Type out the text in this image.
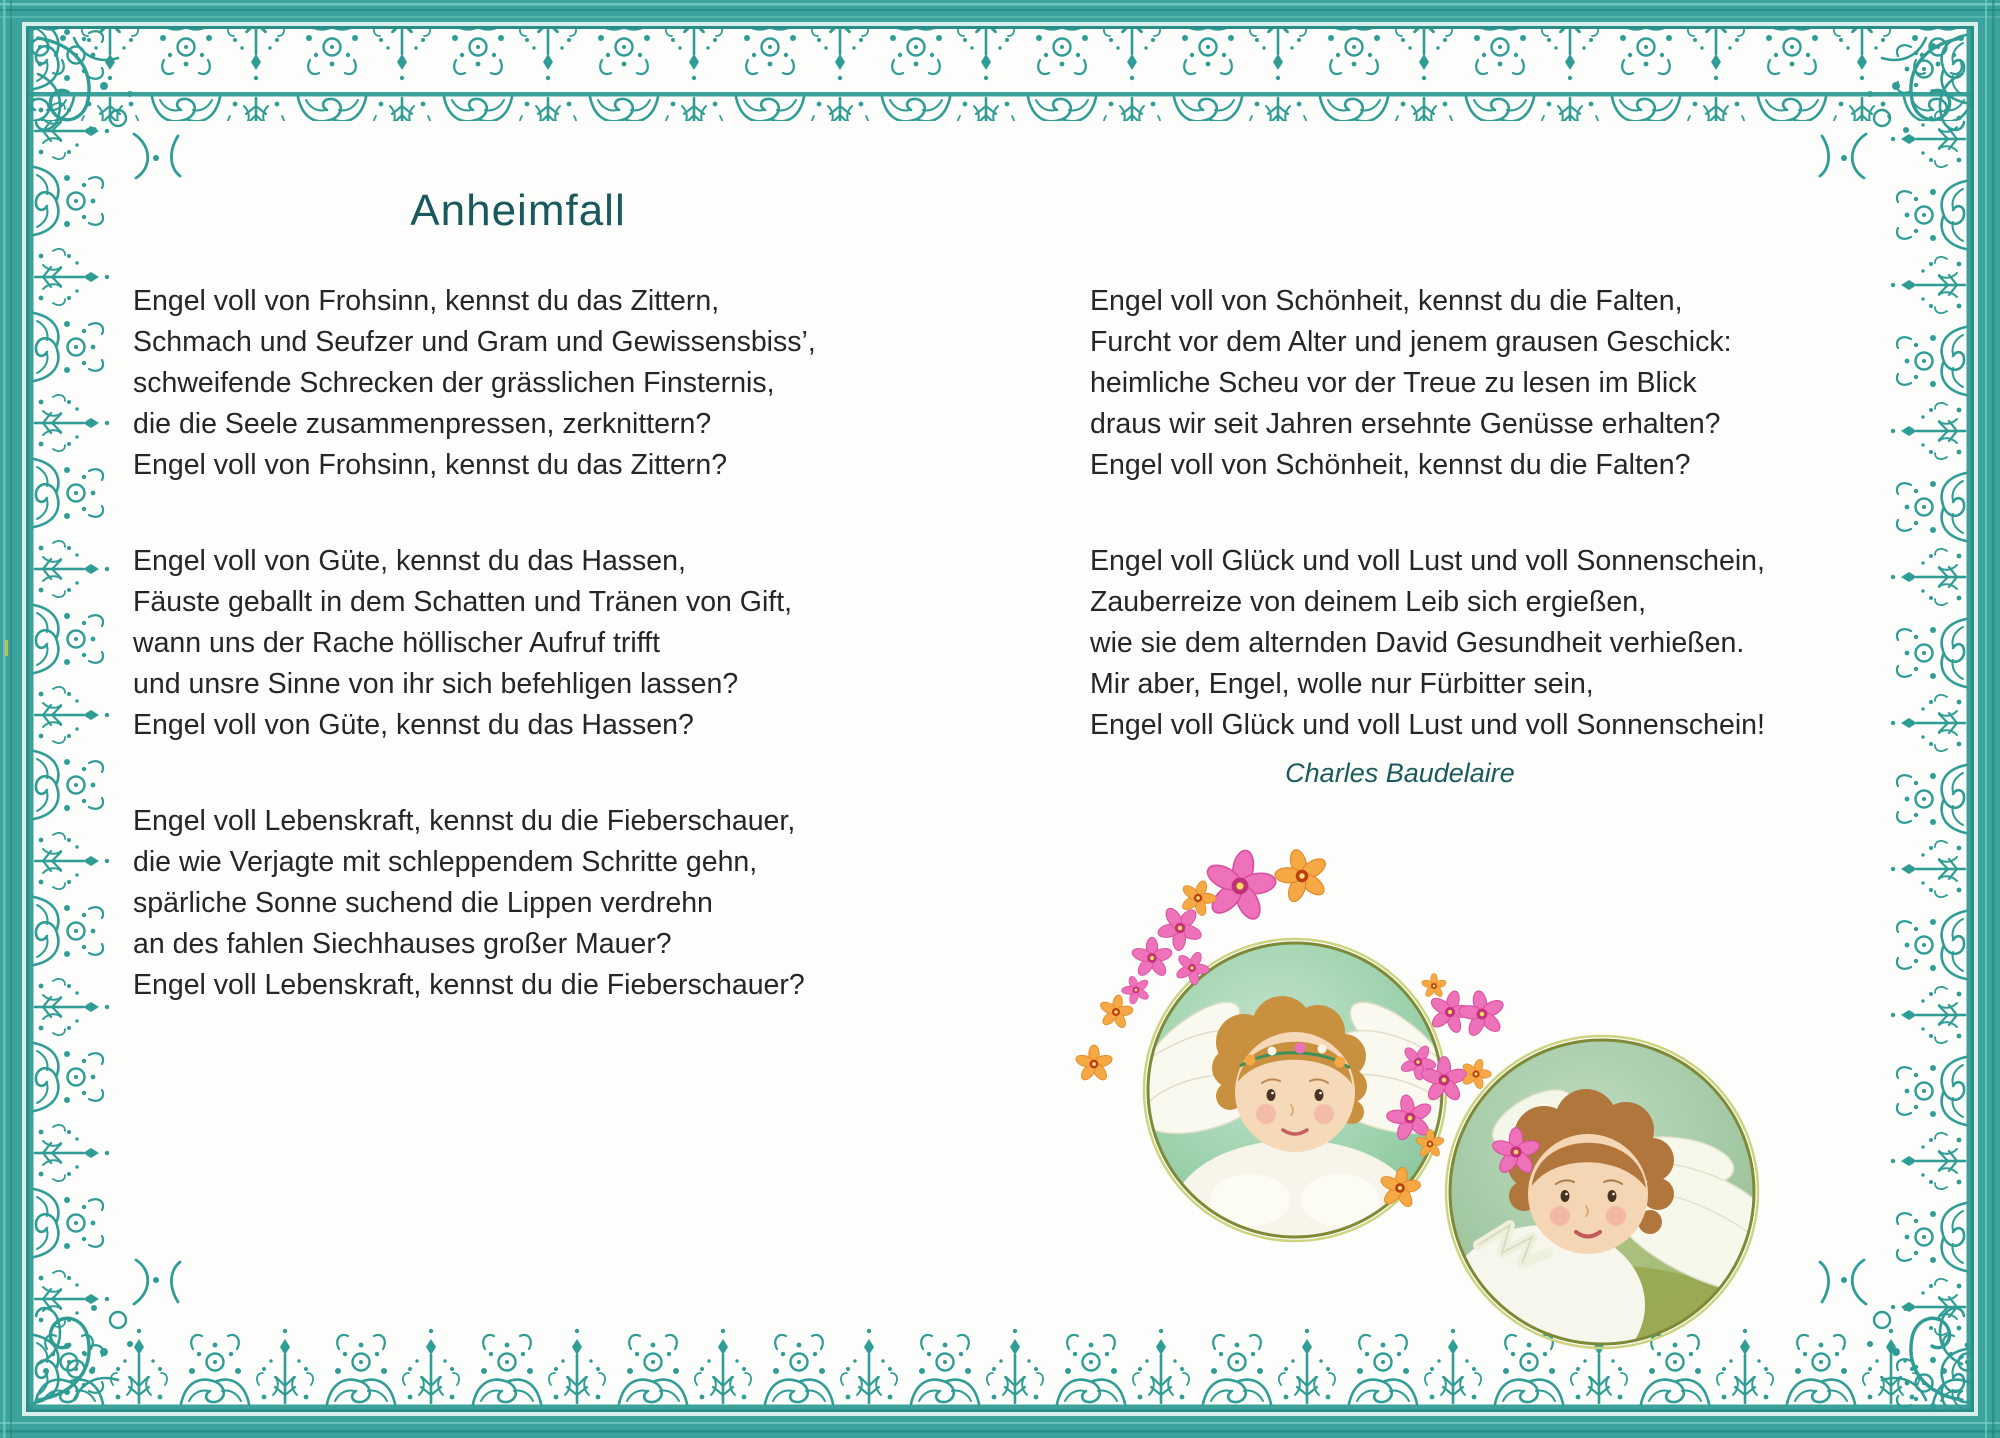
Anheimfall

Engel voll von Frohsinn, kennst du das Zittern,

Schmach und Seufzer und Gram und Gewissensbiss’,

schweifende Schrecken der grässlichen Finsternis,

die die Seele zusammenpressen, zerknittern?

Engel voll von Frohsinn, kennst du das Zittern?

Engel voll von Güte, kennst du das Hassen,

Fäuste geballt in dem Schatten und Tränen von Gift,

wann uns der Rache höllischer Aufruf trifft

und unsre Sinne von ihr sich befehligen lassen?

Engel voll von Güte, kennst du das Hassen?

Engel voll Lebenskraft, kennst du die Fieberschauer,

die wie Verjagte mit schleppendem Schritte gehn,

spärliche Sonne suchend die Lippen verdrehn

an des fahlen Siechhauses großer Mauer?

Engel voll Lebenskraft, kennst du die Fieberschauer?

Engel voll von Schönheit, kennst du die Falten,

Furcht vor dem Alter und jenem grausen Geschick:

heimliche Scheu vor der Treue zu lesen im Blick

draus wir seit Jahren ersehnte Genüsse erhalten?

Engel voll von Schönheit, kennst du die Falten?

Engel voll Glück und voll Lust und voll Sonnenschein,

Zauberreize von deinem Leib sich ergießen,

wie sie dem alternden David Gesundheit verhießen.

Mir aber, Engel, wolle nur Fürbitter sein,

Engel voll Glück und voll Lust und voll Sonnenschein!

Charles Baudelaire
